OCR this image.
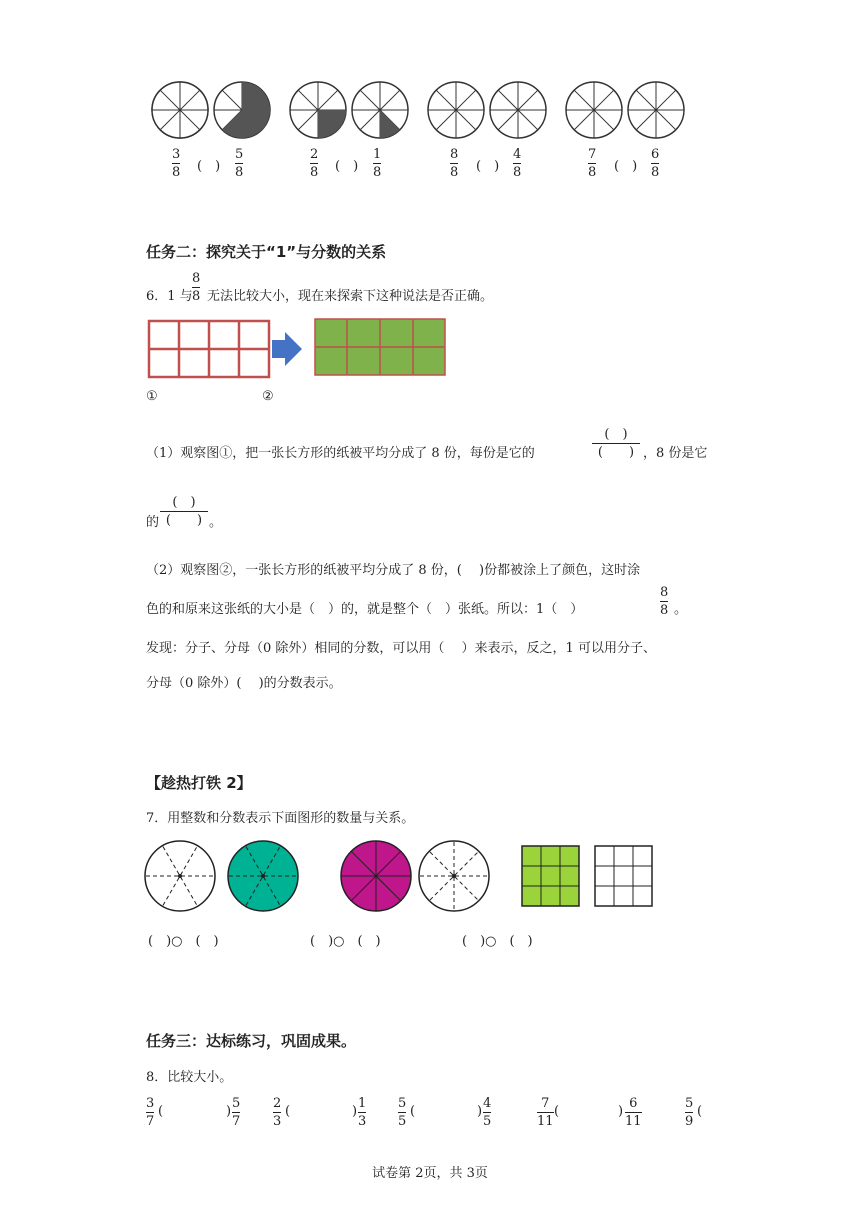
3
8 (　)
5
8
2
8 (　)
1
8
8
8 (　)
4
8
7
8 (　)
6
8
任务二：探究关于“1”与分数的关系
6．1 与
8
8 无法比较大小，现在来探索下这种说法是否正确。
①	②
（1）观察图①，把一张长方形的纸被平均分成了 8 份，每份是它的
(　)
(　　) ，8 份是它
的
(　)
(　　) 。
（2）观察图②，一张长方形的纸被平均分成了 8 份，(　 )份都被涂上了颜色，这时涂
色的和原来这张纸的大小是（　）的，就是整个（　）张纸。所以：1（　）
8
8 。
发现：分子、分母（0 除外）相同的分数，可以用（　 ）来表示，反之，1 可以用分子、
分母（0 除外）(　 )的分数表示。
【趁热打铁 2】
7．用整数和分数表示下面图形的数量与关系。
(　)○　(　)	(　)○　(　)	(　)○　(　)
任务三：达标练习，巩固成果。
8．比较大小。
3
7
(	)
5
7
2
3
(	)
1
3
5
5
(	)
4
5
7
11
(	)
6
11
5
9
(
试卷第 2页，共 3页
